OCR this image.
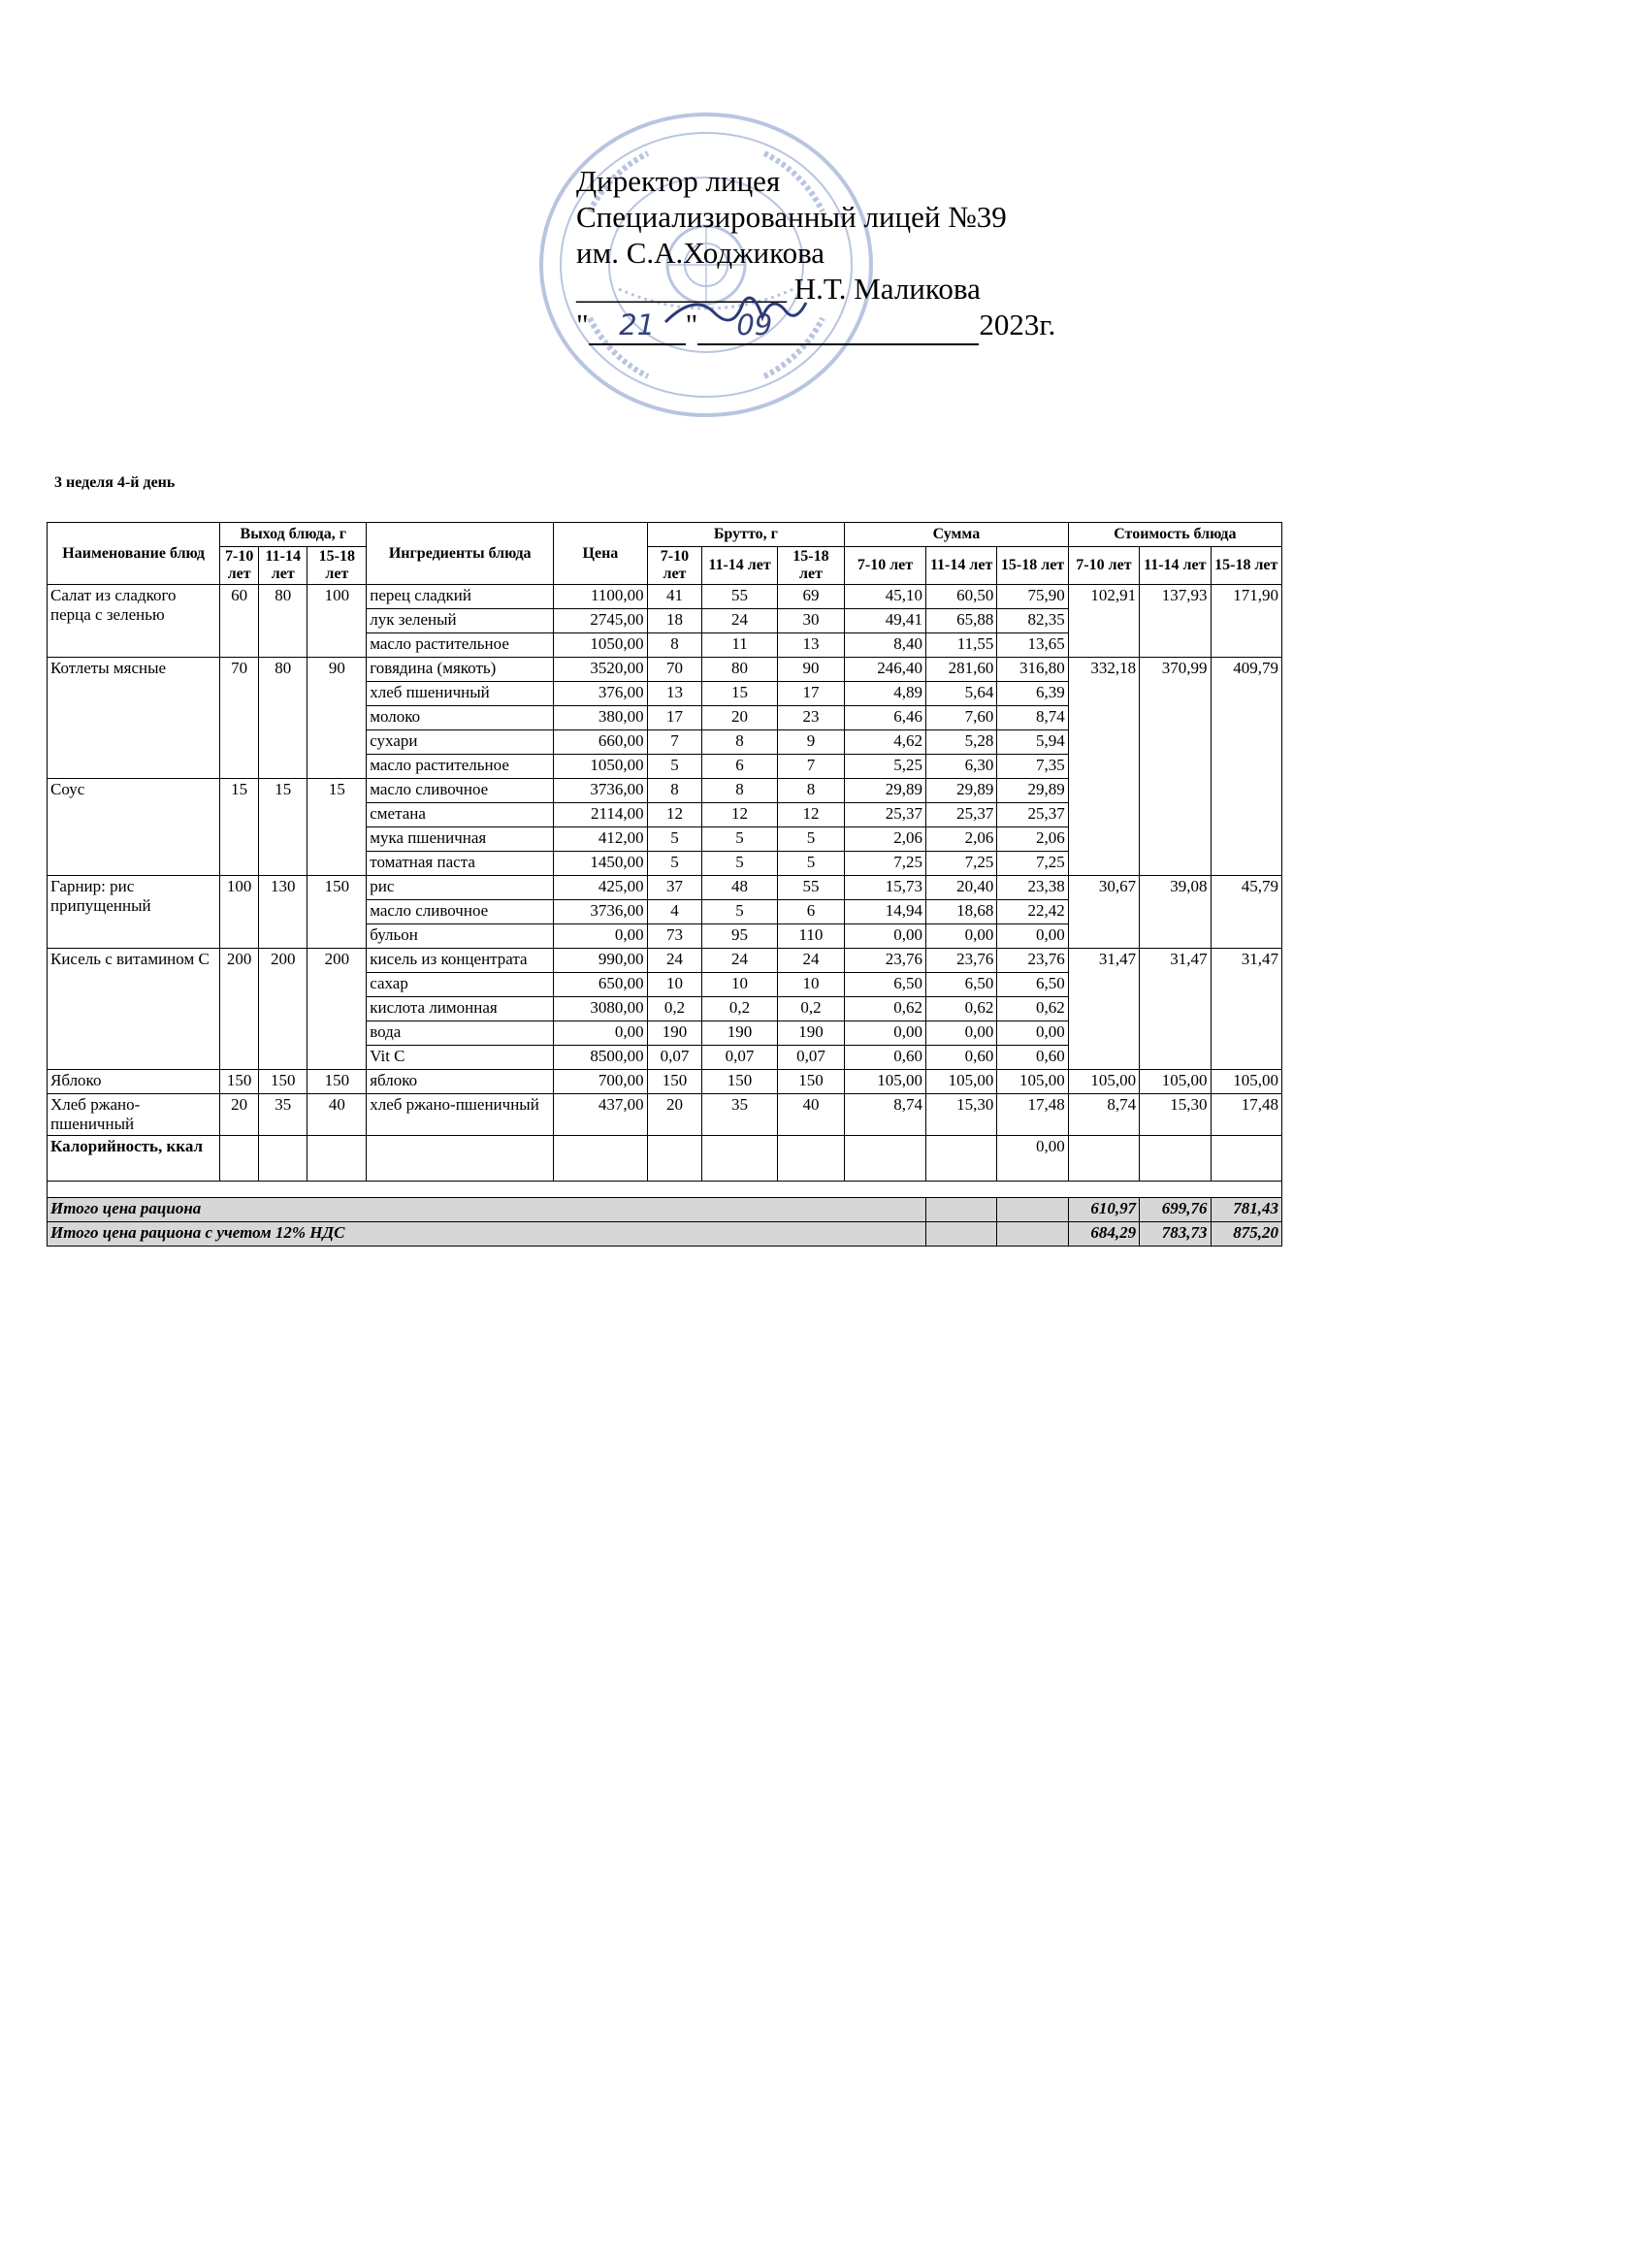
Директор лицея
Специализированный лицей №39
им. С.А.Ходжикова
______________ Н.Т. Маликова
" 21 " 09	2023г.
3 неделя 4-й день
Наименование блюд	Выход блюда, г			Ингредиенты блюда	Цена	Брутто, г			Сумма			Стоимость блюда		
	7-10 лет	11-14 лет	15-18 лет			7-10 лет	11-14 лет	15-18 лет	7-10 лет	11-14 лет	15-18 лет	7-10 лет	11-14 лет	15-18 лет
Салат из сладкого перца с зеленью	60	80	100	перец сладкий	1100,00	41	55	69	45,10	60,50	75,90	102,91	137,93	171,90
				лук зеленый	2745,00	18	24	30	49,41	65,88	82,35			
				масло растительное	1050,00	8	11	13	8,40	11,55	13,65			
Котлеты мясные	70	80	90	говядина (мякоть)	3520,00	70	80	90	246,40	281,60	316,80	332,18	370,99	409,79
				хлеб пшеничный	376,00	13	15	17	4,89	5,64	6,39			
				молоко	380,00	17	20	23	6,46	7,60	8,74			
				сухари	660,00	7	8	9	4,62	5,28	5,94			
				масло растительное	1050,00	5	6	7	5,25	6,30	7,35			
Соус	15	15	15	масло сливочное	3736,00	8	8	8	29,89	29,89	29,89			
				сметана	2114,00	12	12	12	25,37	25,37	25,37			
				мука пшеничная	412,00	5	5	5	2,06	2,06	2,06			
				томатная паста	1450,00	5	5	5	7,25	7,25	7,25			
Гарнир: рис припущенный	100	130	150	рис	425,00	37	48	55	15,73	20,40	23,38	30,67	39,08	45,79
				масло сливочное	3736,00	4	5	6	14,94	18,68	22,42			
				бульон	0,00	73	95	110	0,00	0,00	0,00			
Кисель с витамином С	200	200	200	кисель из концентрата	990,00	24	24	24	23,76	23,76	23,76	31,47	31,47	31,47
				сахар	650,00	10	10	10	6,50	6,50	6,50			
				кислота лимонная	3080,00	0,2	0,2	0,2	0,62	0,62	0,62			
				вода	0,00	190	190	190	0,00	0,00	0,00			
				Vit C	8500,00	0,07	0,07	0,07	0,60	0,60	0,60			
Яблоко	150	150	150	яблоко	700,00	150	150	150	105,00	105,00	105,00	105,00	105,00	105,00
Хлеб ржано-пшеничный	20	35	40	хлеб ржано-пшеничный	437,00	20	35	40	8,74	15,30	17,48	8,74	15,30	17,48
Калорийность, ккал											0,00			

Итого цена рациона												610,97	699,76	781,43
Итого цена рациона с учетом 12% НДС												684,29	783,73	875,20
